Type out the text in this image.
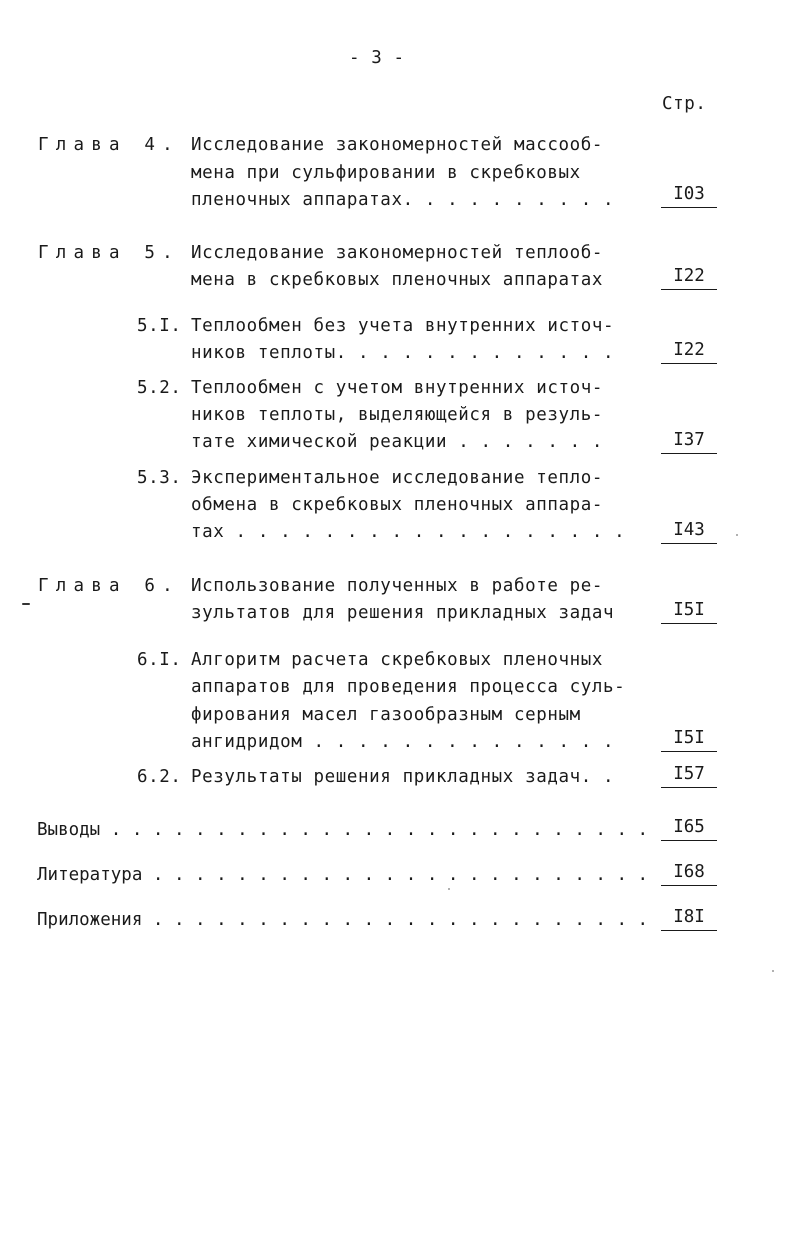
- 3 -
Стр.
Глава 4. Исследование закономерностей массооб-
мена при сульфировании в скребковых
пленочных аппаратах. . . . . . . . . .	I03
Глава 5. Исследование закономерностей теплооб-
мена в скребковых пленочных аппаратах	I22
5.I. Теплообмен без учета внутренних источ-
ников теплоты. . . . . . . . . . . . .	I22
5.2. Теплообмен с учетом внутренних источ-
ников теплоты, выделяющейся в резуль-
тате химической реакции . . . . . . .	I37
5.3. Экспериментальное исследование тепло-
обмена в скребковых пленочных аппара-
тах . . . . . . . . . . . . . . . . . .	I43
Глава 6. Использование полученных в работе ре-
зультатов для решения прикладных задач	I5I
6.I. Алгоритм расчета скребковых пленочных
аппаратов для проведения процесса суль-
фирования масел газообразным серным
ангидридом . . . . . . . . . . . . . .	I5I
6.2. Результаты решения прикладных задач. .	I57
Выводы . . . . . . . . . . . . . . . . . . . . . . . . . .	I65
Литература . . . . . . . . . . . . . . . . . . . . . . . .	I68
Приложения . . . . . . . . . . . . . . . . . . . . . . . .	I8I
